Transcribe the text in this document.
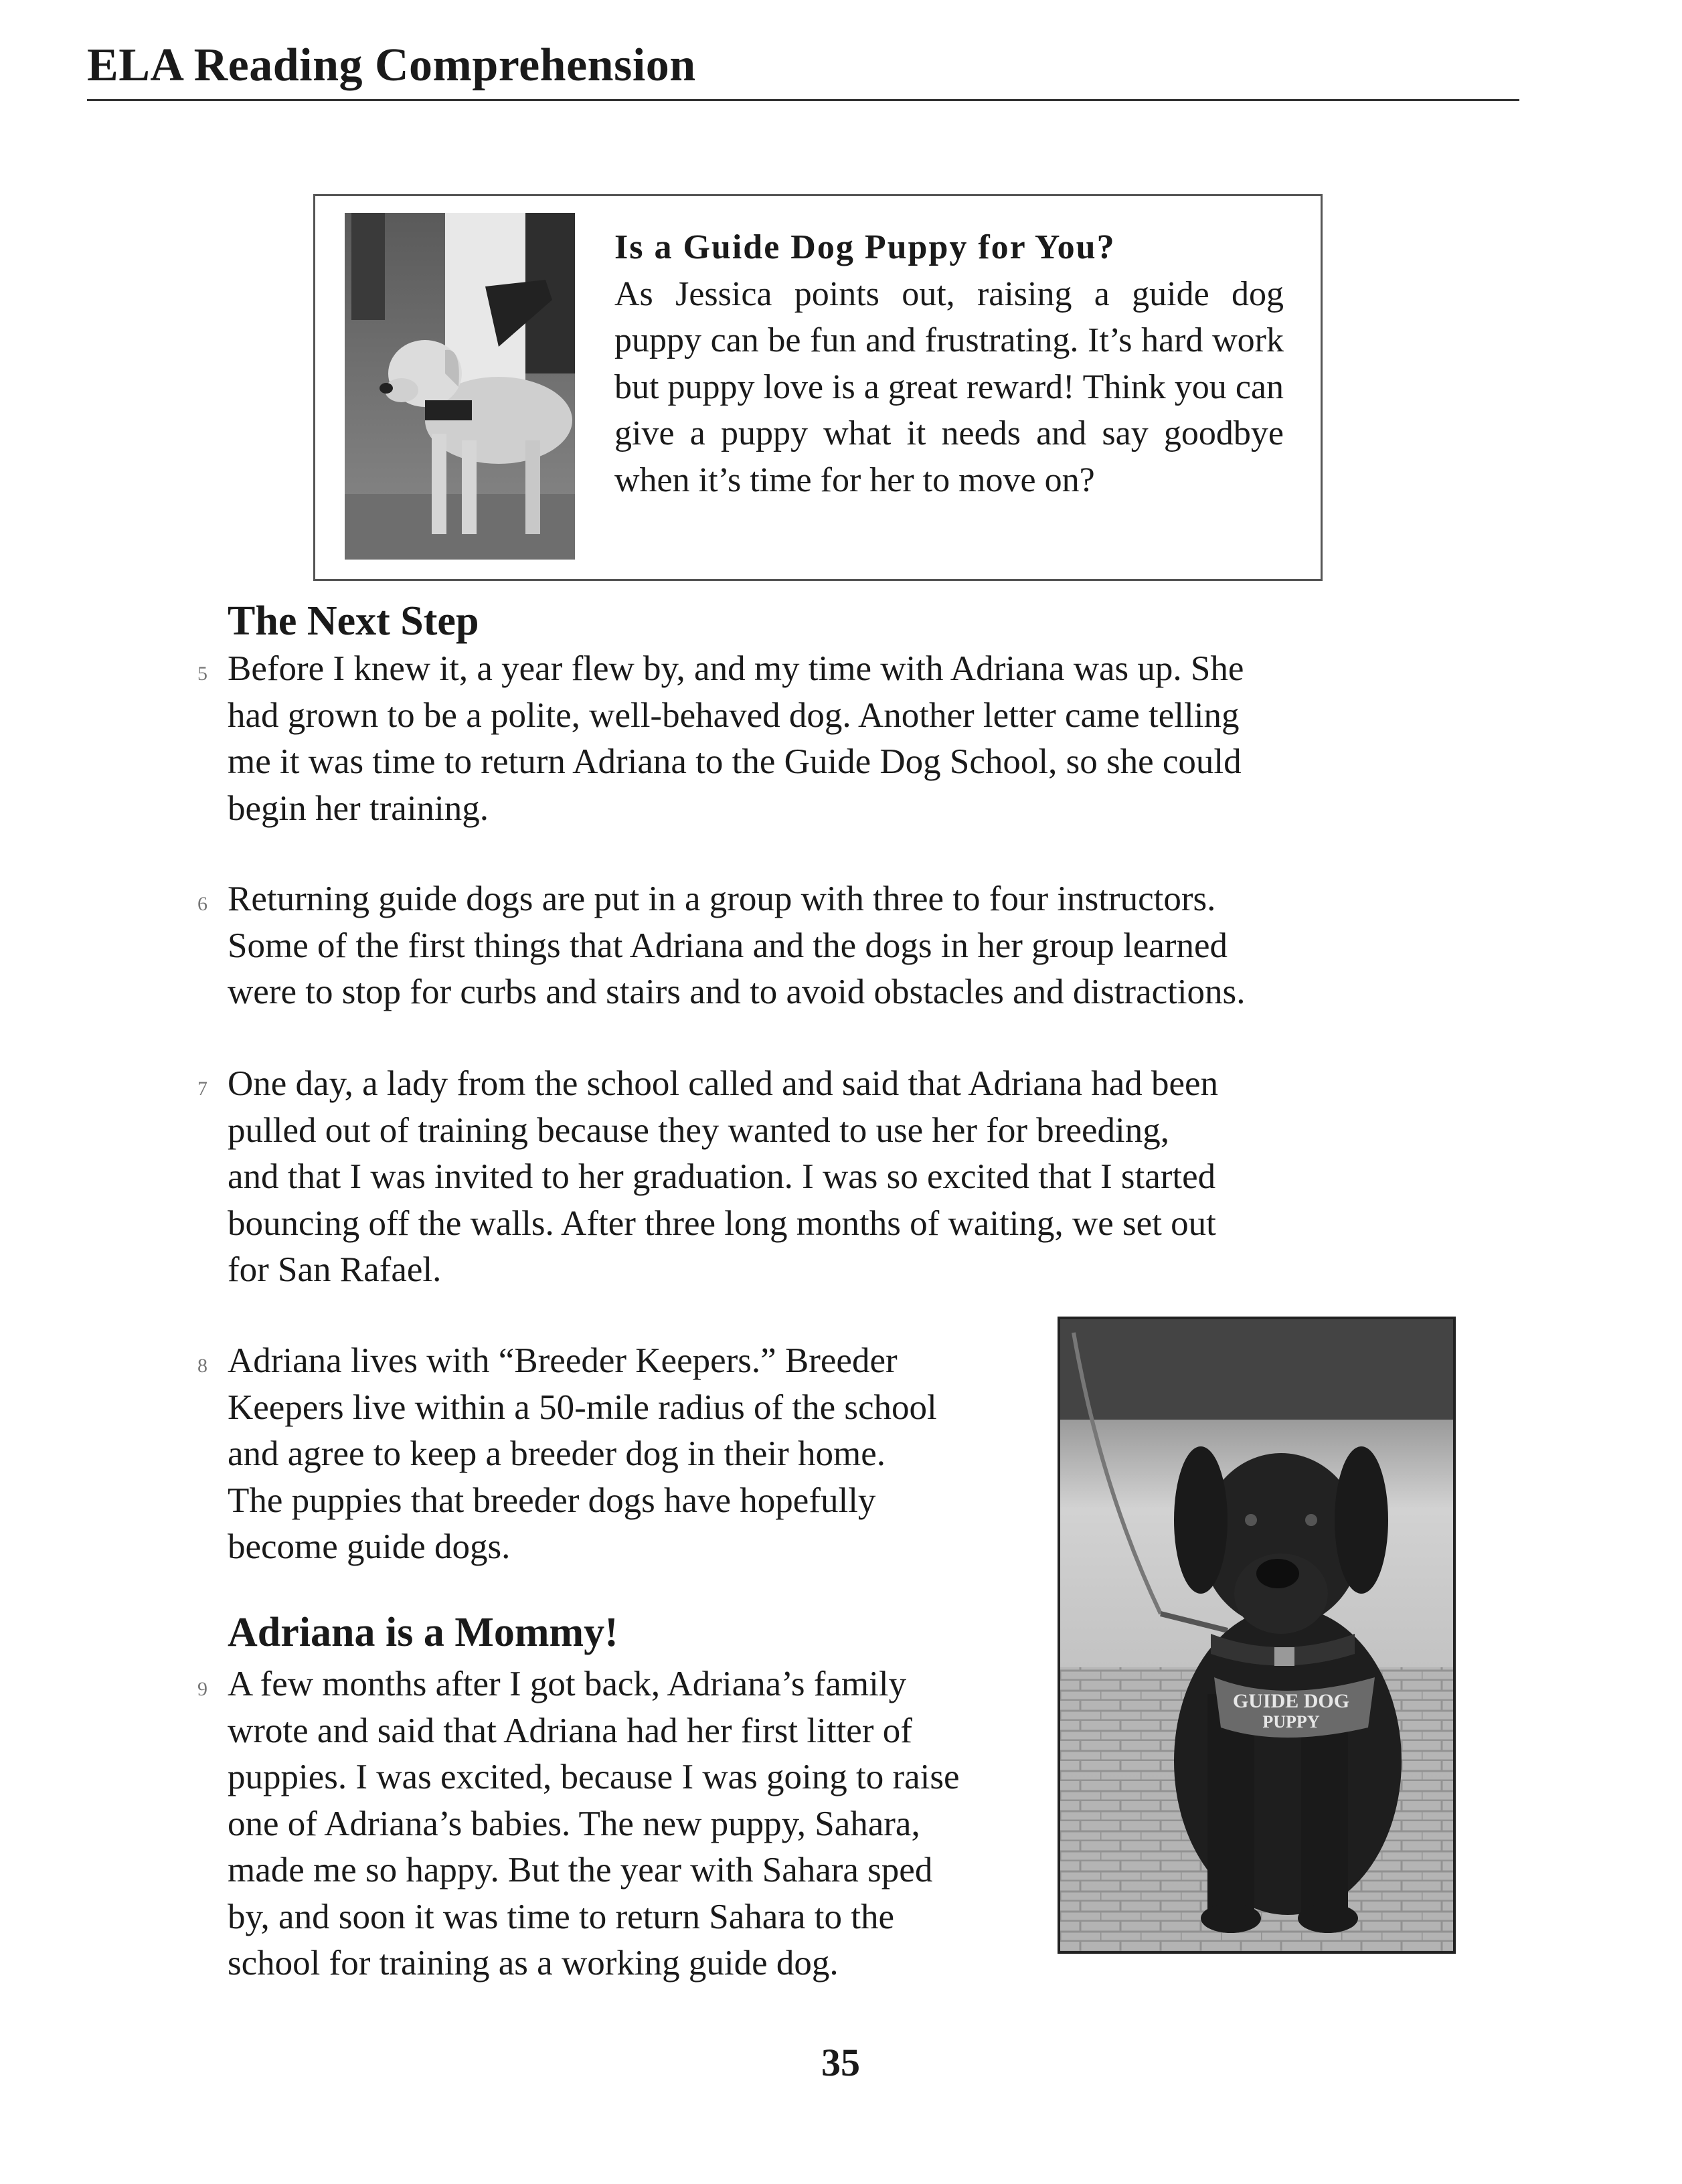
ELA Reading Comprehension
Is a Guide Dog Puppy for You?
As Jessica points out, raising a guide dog puppy can be fun and frustrating. It’s hard work but puppy love is a great reward! Think you can give a puppy what it needs and say goodbye when it’s time for her to move on?
The Next Step
5 Before I knew it, a year flew by, and my time with Adriana was up. She
had grown to be a polite, well-behaved dog. Another letter came telling
me it was time to return Adriana to the Guide Dog School, so she could
begin her training.
6 Returning guide dogs are put in a group with three to four instructors.
Some of the first things that Adriana and the dogs in her group learned
were to stop for curbs and stairs and to avoid obstacles and distractions.
7 One day, a lady from the school called and said that Adriana had been
pulled out of training because they wanted to use her for breeding,
and that I was invited to her graduation. I was so excited that I started
bouncing off the walls. After three long months of waiting, we set out
for San Rafael.
8 Adriana lives with “Breeder Keepers.” Breeder
Keepers live within a 50-mile radius of the school
and agree to keep a breeder dog in their home.
The puppies that breeder dogs have hopefully
become guide dogs.
Adriana is a Mommy!
9 A few months after I got back, Adriana’s family
wrote and said that Adriana had her first litter of
puppies. I was excited, because I was going to raise
one of Adriana’s babies. The new puppy, Sahara,
made me so happy. But the year with Sahara sped
by, and soon it was time to return Sahara to the
school for training as a working guide dog.
GUIDE DOG
PUPPY
35
